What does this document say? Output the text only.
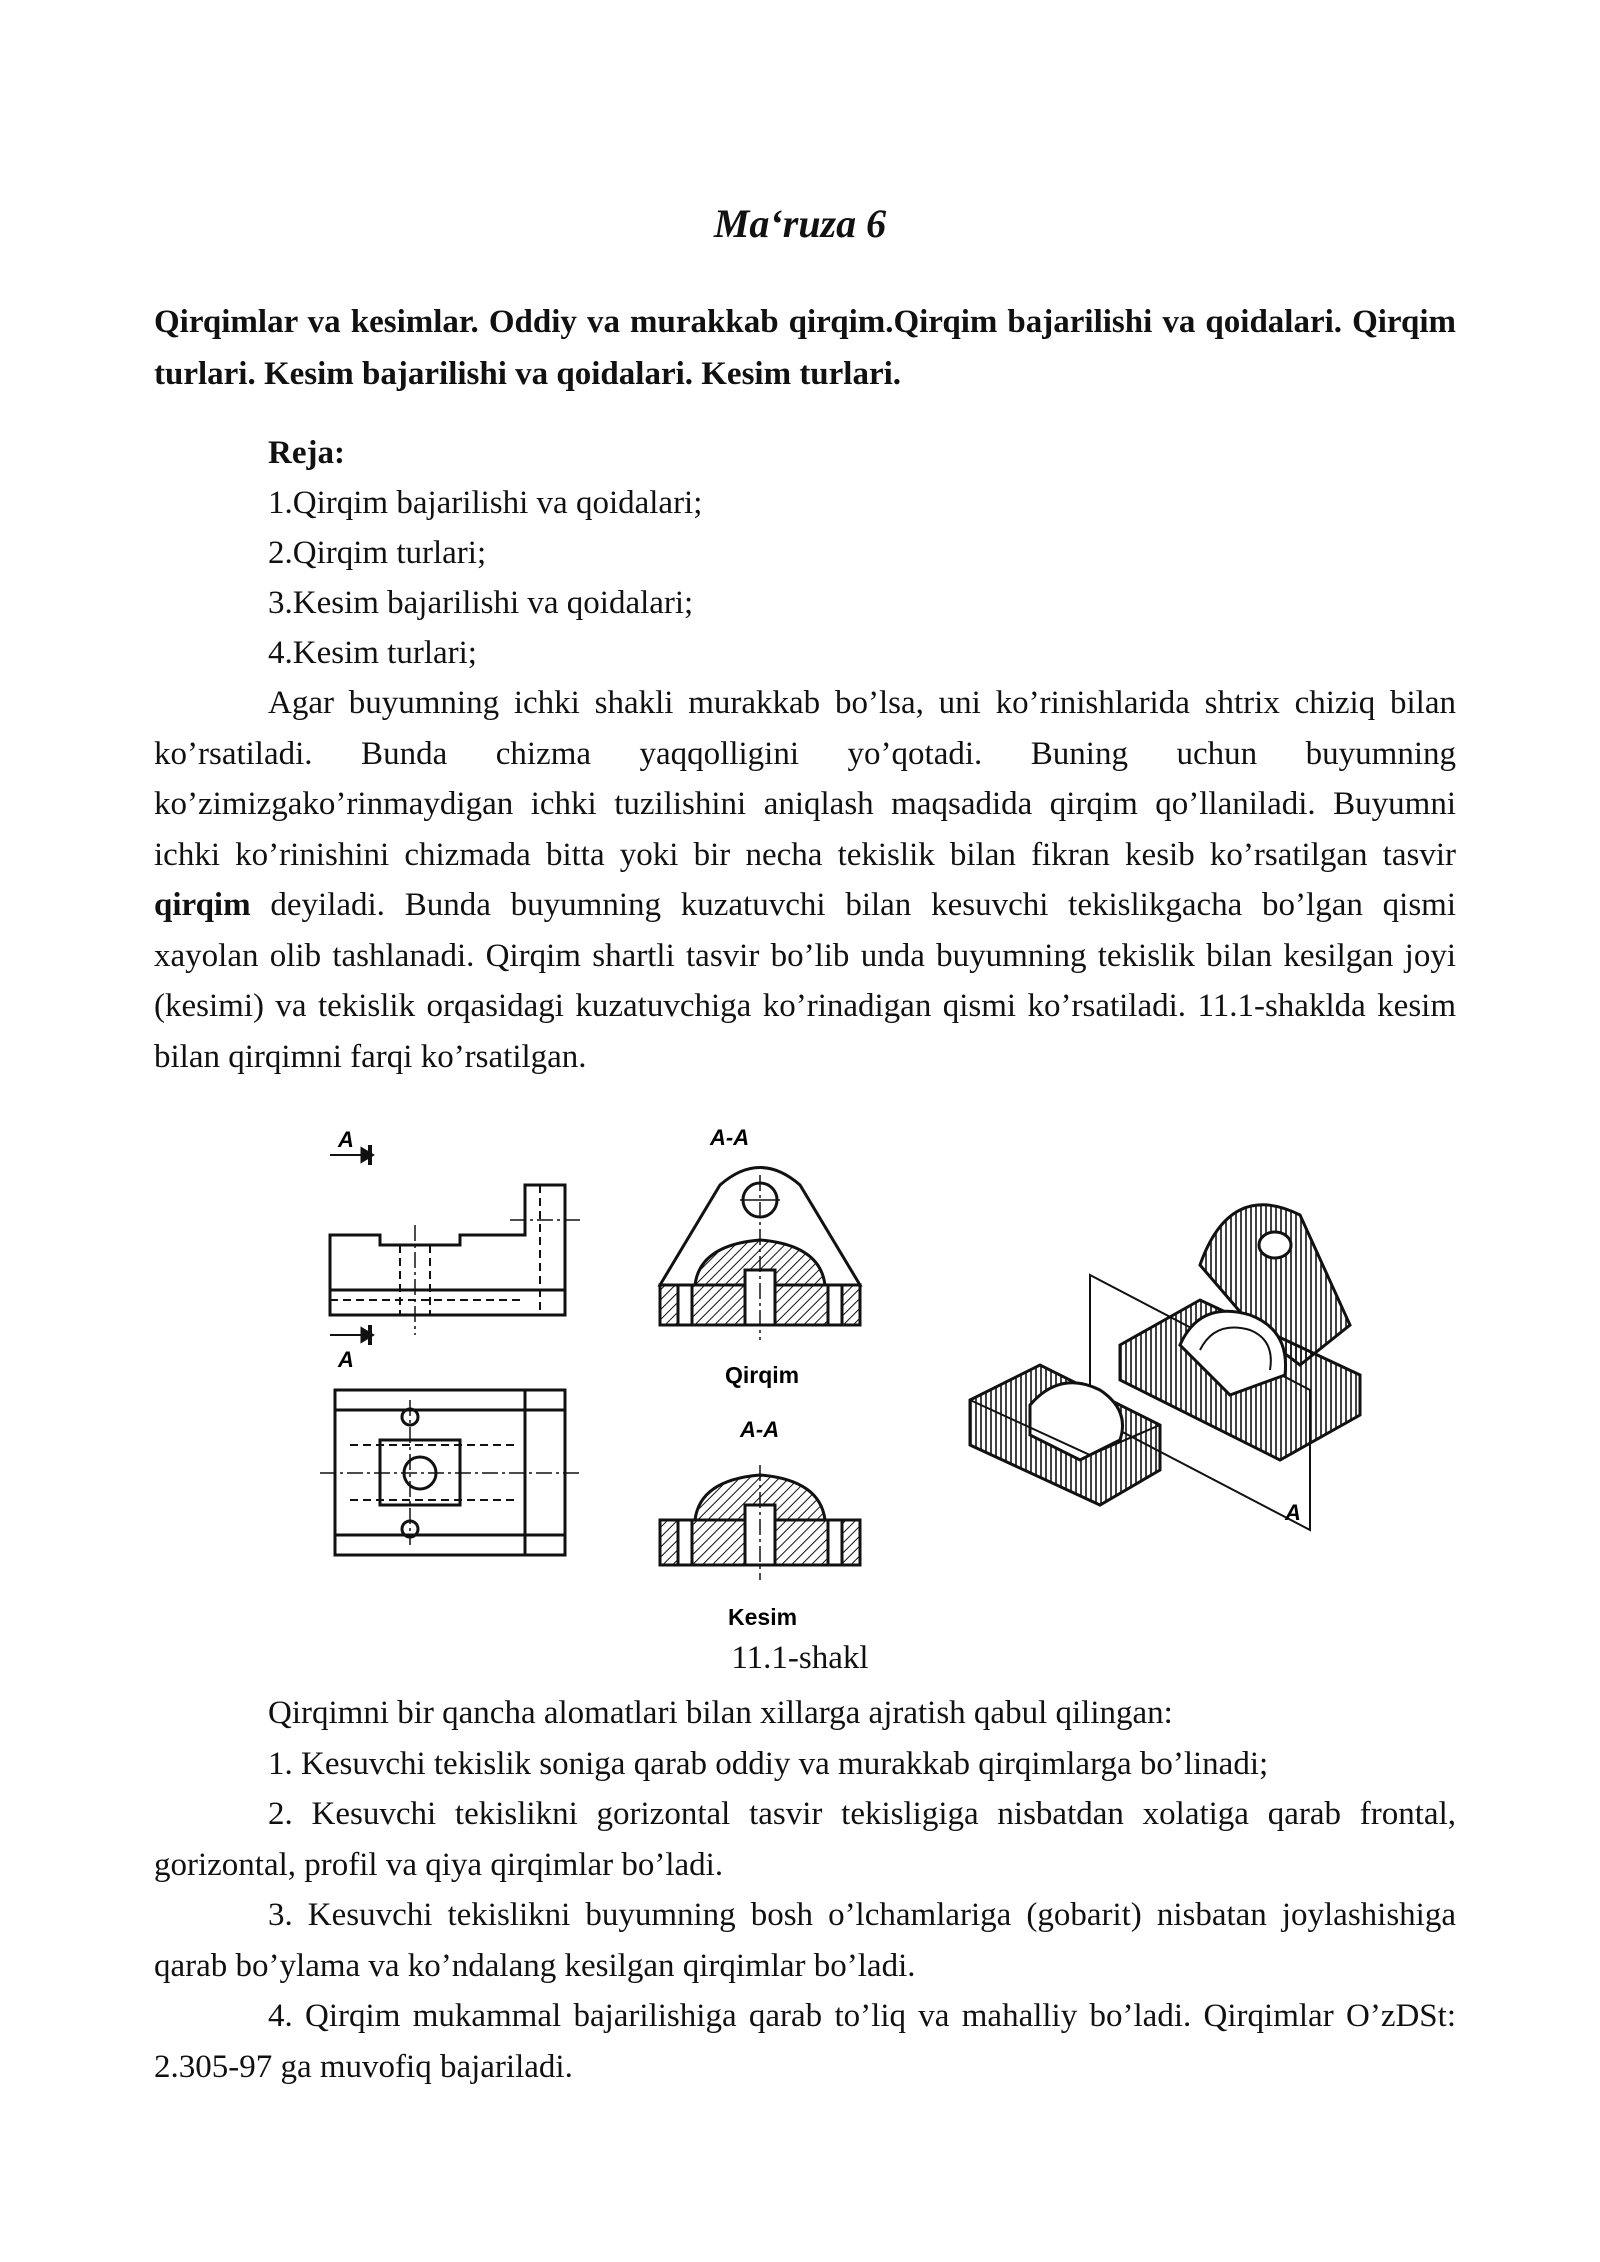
Ma‘ruza 6
Qirqimlar va kesimlar. Oddiy va murakkab qirqim.Qirqim bajarilishi va qoidalari. Qirqim turlari. Kesim bajarilishi va qoidalari. Kesim turlari.
Reja:
1.Qirqim bajarilishi va qoidalari;
2.Qirqim turlari;
3.Kesim bajarilishi va qoidalari;
4.Kesim turlari;
Agar buyumning ichki shakli murakkab bo’lsa, uni ko’rinishlarida shtrix chiziq bilan ko’rsatiladi. Bunda chizma yaqqolligini yo’qotadi. Buning uchun buyumning ko’zimizgako’rinmaydigan ichki tuzilishini aniqlash maqsadida qirqim qo’llaniladi. Buyumni ichki ko’rinishini chizmada bitta yoki bir necha tekislik bilan fikran kesib ko’rsatilgan tasvir qirqim deyiladi. Bunda buyumning kuzatuvchi bilan kesuvchi tekislikgacha bo’lgan qismi xayolan olib tashlanadi. Qirqim shartli tasvir bo’lib unda buyumning tekislik bilan kesilgan joyi (kesimi) va tekislik orqasidagi kuzatuvchiga ko’rinadigan qismi ko’rsatiladi. 11.1-shaklda kesim bilan qirqimni farqi ko’rsatilgan.
A
A
A-A
Qirqim
A-A
Kesim
A
11.1-shakl

Qirqimni bir qancha alomatlari bilan xillarga ajratish qabul qilingan:

1. Kesuvchi tekislik soniga qarab oddiy va murakkab qirqimlarga bo’linadi;

2. Kesuvchi tekislikni gorizontal tasvir tekisligiga nisbatdan xolatiga qarab frontal, gorizontal, profil va qiya qirqimlar bo’ladi.

3. Kesuvchi tekislikni buyumning bosh o’lchamlariga (gobarit) nisbatan joylashishiga qarab bo’ylama va ko’ndalang kesilgan qirqimlar bo’ladi.

4. Qirqim mukammal bajarilishiga qarab to’liq va mahalliy bo’ladi. Qirqimlar O’zDSt: 2.305-97 ga muvofiq bajariladi.
